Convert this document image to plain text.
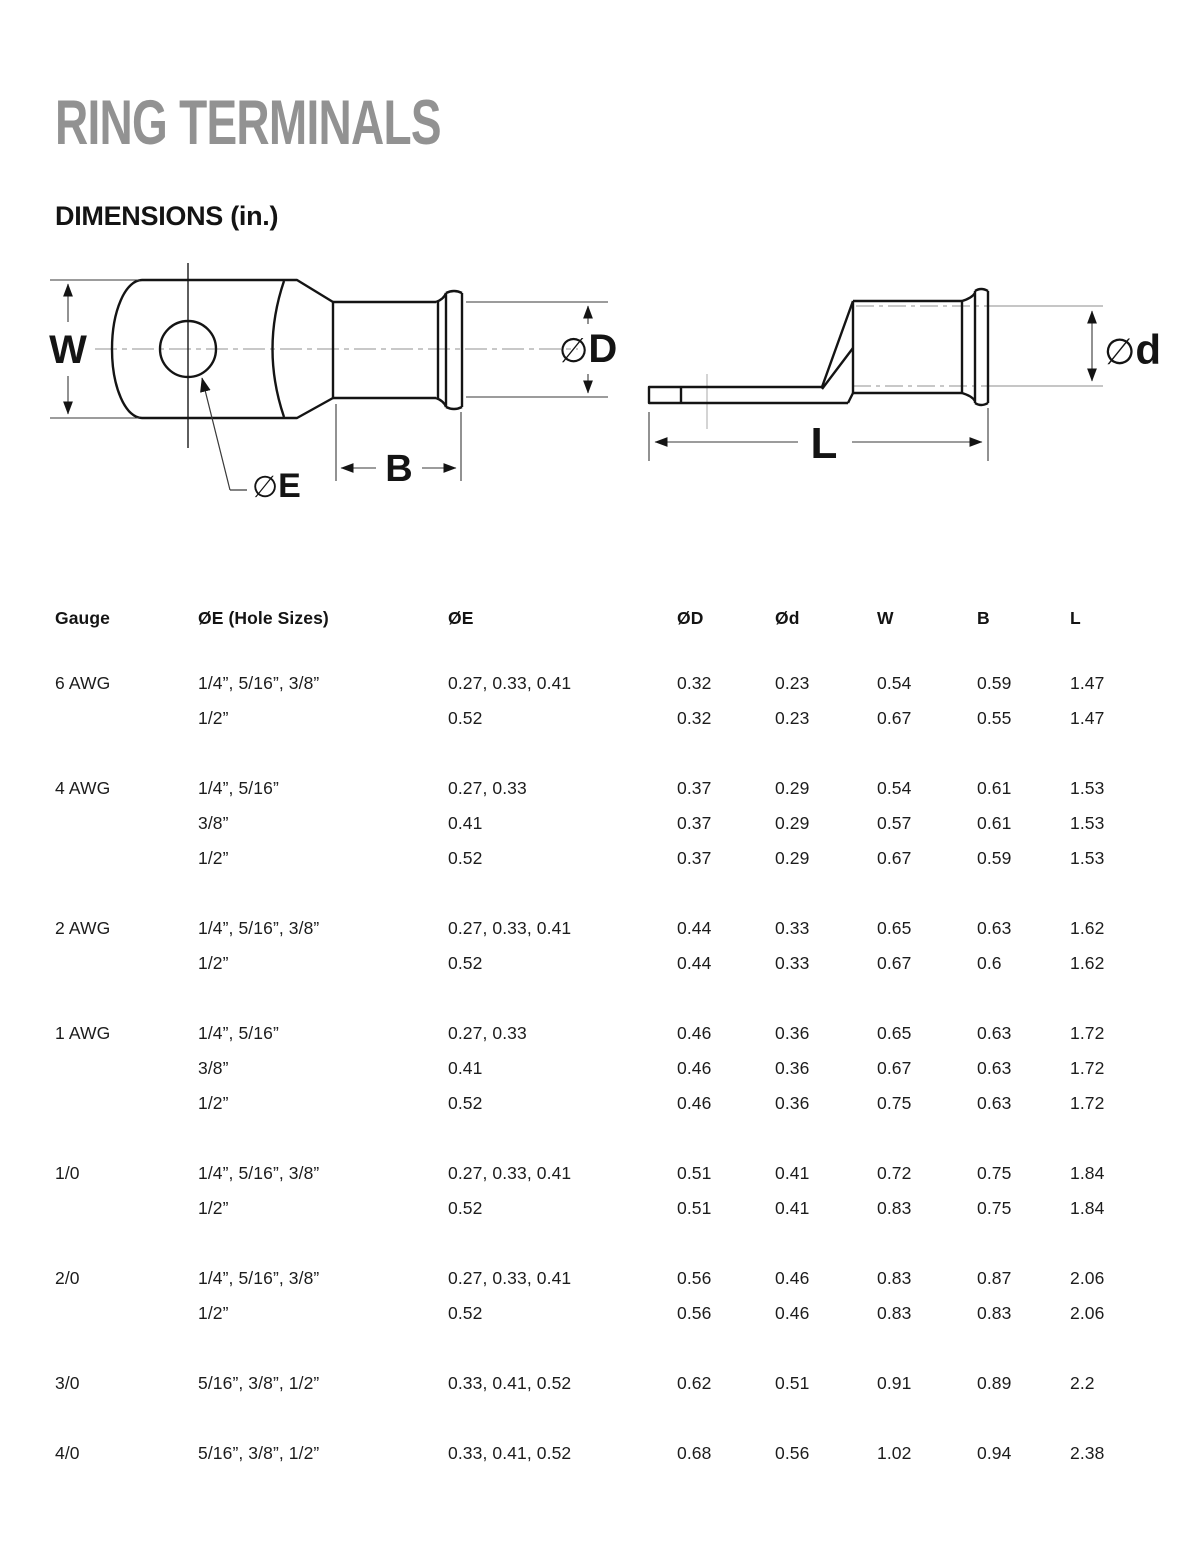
RING TERMINALS
DIMENSIONS (in.)
W	∅D
B
∅E
L
∅d
Gauge	ØE (Hole Sizes)	ØE	ØD	Ød	W	B	L
6 AWG	1/4”, 5/16”, 3/8”	0.27, 0.33, 0.41	0.32	0.23	0.54	0.59	1.47
1/2”	0.52	0.32	0.23	0.67	0.55	1.47
4 AWG	1/4”, 5/16”	0.27, 0.33	0.37	0.29	0.54	0.61	1.53
3/8”	0.41	0.37	0.29	0.57	0.61	1.53
1/2”	0.52	0.37	0.29	0.67	0.59	1.53
2 AWG	1/4”, 5/16”, 3/8”	0.27, 0.33, 0.41	0.44	0.33	0.65	0.63	1.62
1/2”	0.52	0.44	0.33	0.67	0.6	1.62
1 AWG	1/4”, 5/16”	0.27, 0.33	0.46	0.36	0.65	0.63	1.72
3/8”	0.41	0.46	0.36	0.67	0.63	1.72
1/2”	0.52	0.46	0.36	0.75	0.63	1.72
1/0	1/4”, 5/16”, 3/8”	0.27, 0.33, 0.41	0.51	0.41	0.72	0.75	1.84
1/2”	0.52	0.51	0.41	0.83	0.75	1.84
2/0	1/4”, 5/16”, 3/8”	0.27, 0.33, 0.41	0.56	0.46	0.83	0.87	2.06
1/2”	0.52	0.56	0.46	0.83	0.83	2.06
3/0	5/16”, 3/8”, 1/2”	0.33, 0.41, 0.52	0.62	0.51	0.91	0.89	2.2
4/0	5/16”, 3/8”, 1/2”	0.33, 0.41, 0.52	0.68	0.56	1.02	0.94	2.38
